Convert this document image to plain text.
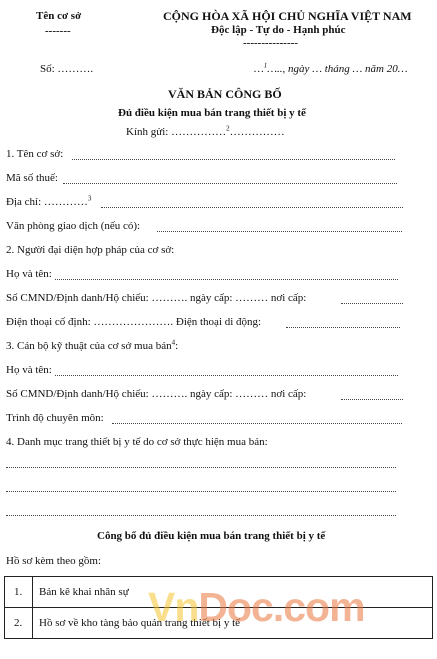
Tên cơ sở
-------
CỘNG HÒA XÃ HỘI CHỦ NGHĨA VIỆT NAM
Độc lập - Tự do - Hạnh phúc
---------------
Số: ……….	…$^1$….., ngày … tháng … năm 20…
VĂN BẢN CÔNG BỐ
Đủ điều kiện mua bán trang thiết bị y tế
Kính gửi: ……………$^2$……………
1. Tên cơ sở:
Mã số thuế:
Địa chỉ: …………$^3$
Văn phòng giao dịch (nếu có):
2. Người đại diện hợp pháp của cơ sở:
Họ và tên:
Số CMND/Định danh/Hộ chiếu: ………. ngày cấp: ……… nơi cấp:
Điện thoại cố định: …………………. Điện thoại di động:
3. Cán bộ kỹ thuật của cơ sở mua bán$^4$:
Họ và tên:
Số CMND/Định danh/Hộ chiếu: ………. ngày cấp: ……… nơi cấp:
Trình độ chuyên môn:
4. Danh mục trang thiết bị y tế do cơ sở thực hiện mua bán:
Công bố đủ điều kiện mua bán trang thiết bị y tế
Hồ sơ kèm theo gồm:
1.	Bản kê khai nhân sự
2.	Hồ sơ về kho tàng bảo quản trang thiết bị y tế
VnDoc.com
